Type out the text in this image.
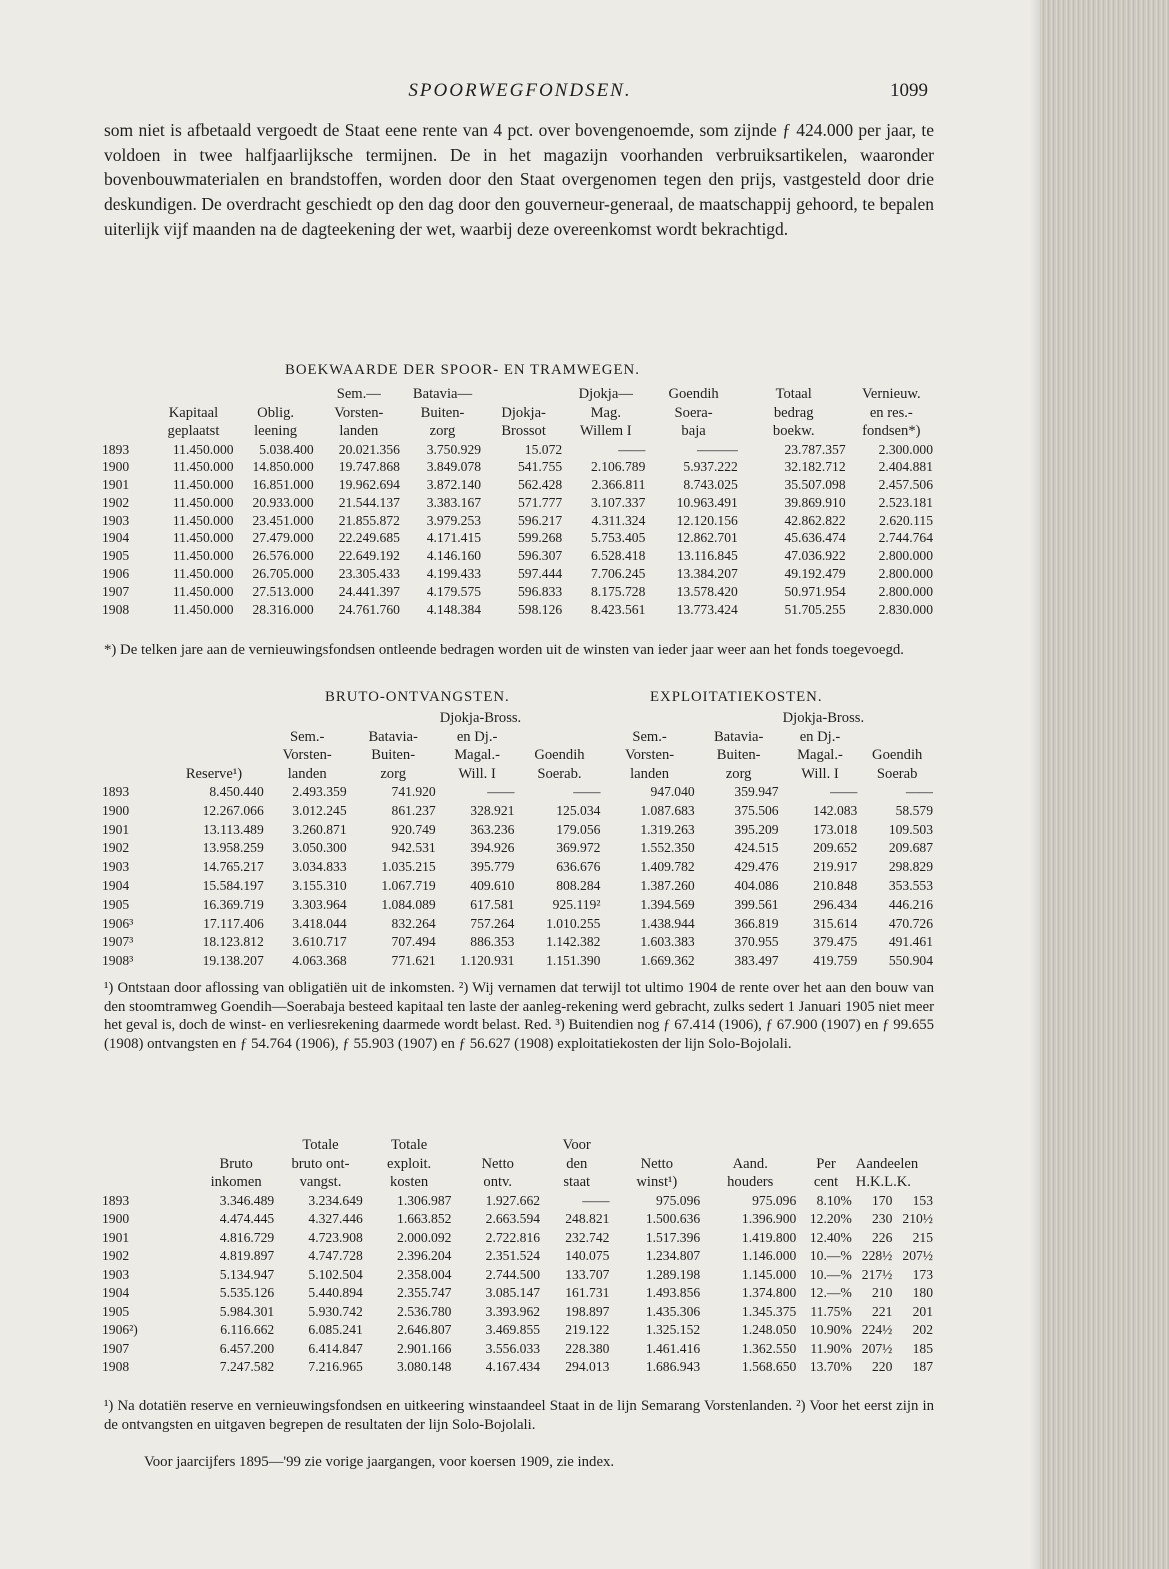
SPOORWEGFONDSEN.	1099
som niet is afbetaald vergoedt de Staat eene rente van 4 pct. over bovengenoemde, som zijnde ƒ 424.000 per jaar, te voldoen in twee halfjaarlijksche termijnen. De in het magazijn voorhanden verbruiksartikelen, waaronder bovenbouwmaterialen en brandstoffen, worden door den Staat overgenomen tegen den prijs, vastgesteld door drie deskundigen. De overdracht geschiedt op den dag door den gouverneur-generaal, de maatschappij gehoord, te bepalen uiterlijk vijf maanden na de dagteekening der wet, waarbij deze overeenkomst wordt bekrachtigd.
BOEKWAARDE DER SPOOR- EN TRAMWEGEN.
			Sem.—	Batavia—		Djokja—	Goendih	Totaal	Vernieuw.
	Kapitaal	Oblig.	Vorsten-	Buiten-	Djokja-	Mag.	Soera-	bedrag	en res.-
	geplaatst	leening	landen	zorg	Brossot	Willem I	baja	boekw.	fondsen*)
1893	11.450.000	5.038.400	20.021.356	3.750.929	15.072	——	———	23.787.357	2.300.000
1900	11.450.000	14.850.000	19.747.868	3.849.078	541.755	2.106.789	5.937.222	32.182.712	2.404.881
1901	11.450.000	16.851.000	19.962.694	3.872.140	562.428	2.366.811	8.743.025	35.507.098	2.457.506
1902	11.450.000	20.933.000	21.544.137	3.383.167	571.777	3.107.337	10.963.491	39.869.910	2.523.181
1903	11.450.000	23.451.000	21.855.872	3.979.253	596.217	4.311.324	12.120.156	42.862.822	2.620.115
1904	11.450.000	27.479.000	22.249.685	4.171.415	599.268	5.753.405	12.862.701	45.636.474	2.744.764
1905	11.450.000	26.576.000	22.649.192	4.146.160	596.307	6.528.418	13.116.845	47.036.922	2.800.000
1906	11.450.000	26.705.000	23.305.433	4.199.433	597.444	7.706.245	13.384.207	49.192.479	2.800.000
1907	11.450.000	27.513.000	24.441.397	4.179.575	596.833	8.175.728	13.578.420	50.971.954	2.800.000
1908	11.450.000	28.316.000	24.761.760	4.148.384	598.126	8.423.561	13.773.424	51.705.255	2.830.000
*) De telken jare aan de vernieuwingsfondsen ontleende bedragen worden uit de winsten van ieder jaar weer aan het fonds toegevoegd.
BRUTO-ONTVANGSTEN.	EXPLOITATIEKOSTEN.
				Djokja-Bross.				Djokja-Bross.	
		Sem.-	Batavia-	en Dj.-		Sem.-	Batavia-	en Dj.-	
		Vorsten-	Buiten-	Magal.-	Goendih	Vorsten-	Buiten-	Magal.-	Goendih
	Reserve¹)	landen	zorg	Will. I	Soerab.	landen	zorg	Will. I	Soerab
1893	8.450.440	2.493.359	741.920	——	——	947.040	359.947	——	——
1900	12.267.066	3.012.245	861.237	328.921	125.034	1.087.683	375.506	142.083	58.579
1901	13.113.489	3.260.871	920.749	363.236	179.056	1.319.263	395.209	173.018	109.503
1902	13.958.259	3.050.300	942.531	394.926	369.972	1.552.350	424.515	209.652	209.687
1903	14.765.217	3.034.833	1.035.215	395.779	636.676	1.409.782	429.476	219.917	298.829
1904	15.584.197	3.155.310	1.067.719	409.610	808.284	1.387.260	404.086	210.848	353.553
1905	16.369.719	3.303.964	1.084.089	617.581	925.119²	1.394.569	399.561	296.434	446.216
1906³	17.117.406	3.418.044	832.264	757.264	1.010.255	1.438.944	366.819	315.614	470.726
1907³	18.123.812	3.610.717	707.494	886.353	1.142.382	1.603.383	370.955	379.475	491.461
1908³	19.138.207	4.063.368	771.621	1.120.931	1.151.390	1.669.362	383.497	419.759	550.904
¹) Ontstaan door aflossing van obligatiën uit de inkomsten. ²) Wij vernamen dat terwijl tot ultimo 1904 de rente over het aan den bouw van den stoomtramweg Goendih—Soerabaja besteed kapitaal ten laste der aanleg-rekening werd gebracht, zulks sedert 1 Januari 1905 niet meer het geval is, doch de winst- en verliesrekening daarmede wordt belast. Red. ³) Buitendien nog ƒ 67.414 (1906), ƒ 67.900 (1907) en ƒ 99.655 (1908) ontvangsten en ƒ 54.764 (1906), ƒ 55.903 (1907) en ƒ 56.627 (1908) exploitatiekosten der lijn Solo-Bojolali.
		Totale	Totale		Voor					
	Bruto	bruto ont-	exploit.	Netto	den	Netto	Aand.	Per	Aandeelen	
	inkomen	vangst.	kosten	ontv.	staat	winst¹)	houders	cent	H.K.L.K.	
1893	3.346.489	3.234.649	1.306.987	1.927.662	——	975.096	975.096	8.10%	170	153
1900	4.474.445	4.327.446	1.663.852	2.663.594	248.821	1.500.636	1.396.900	12.20%	230	210½
1901	4.816.729	4.723.908	2.000.092	2.722.816	232.742	1.517.396	1.419.800	12.40%	226	215
1902	4.819.897	4.747.728	2.396.204	2.351.524	140.075	1.234.807	1.146.000	10.—%	228½	207½
1903	5.134.947	5.102.504	2.358.004	2.744.500	133.707	1.289.198	1.145.000	10.—%	217½	173
1904	5.535.126	5.440.894	2.355.747	3.085.147	161.731	1.493.856	1.374.800	12.—%	210	180
1905	5.984.301	5.930.742	2.536.780	3.393.962	198.897	1.435.306	1.345.375	11.75%	221	201
1906²)	6.116.662	6.085.241	2.646.807	3.469.855	219.122	1.325.152	1.248.050	10.90%	224½	202
1907	6.457.200	6.414.847	2.901.166	3.556.033	228.380	1.461.416	1.362.550	11.90%	207½	185
1908	7.247.582	7.216.965	3.080.148	4.167.434	294.013	1.686.943	1.568.650	13.70%	220	187
¹) Na dotatiën reserve en vernieuwingsfondsen en uitkeering winstaandeel Staat in de lijn Semarang Vorstenlanden. ²) Voor het eerst zijn in de ontvangsten en uitgaven begrepen de resultaten der lijn Solo-Bojolali.
Voor jaarcijfers 1895—'99 zie vorige jaargangen, voor koersen 1909, zie index.
